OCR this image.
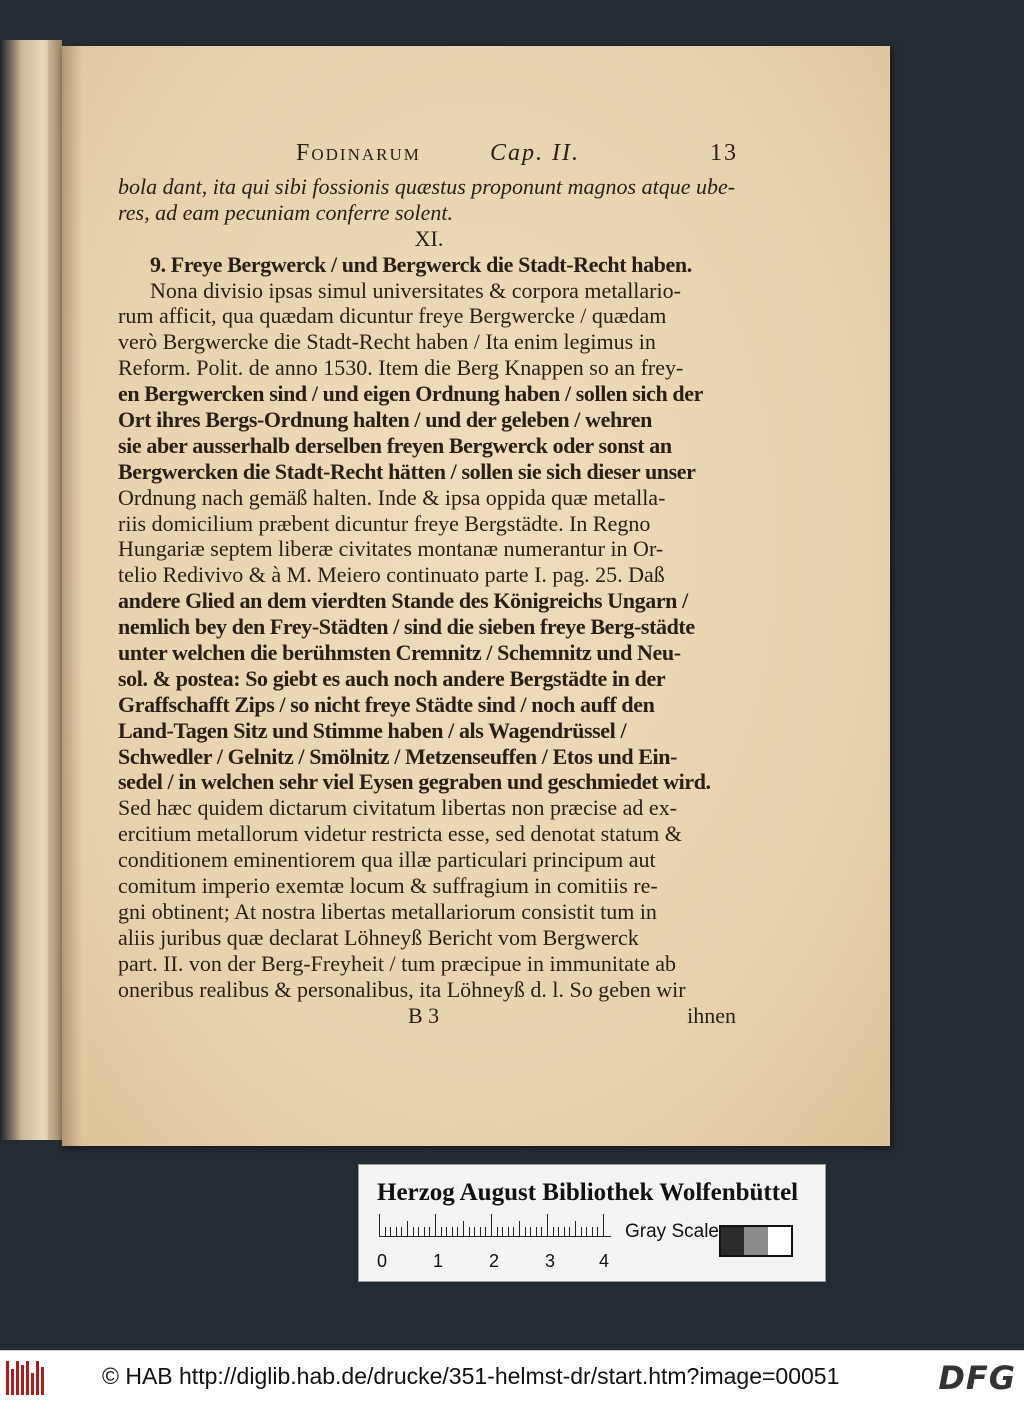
Fodinarum	Cap. II.	13
bola dant, ita qui sibi fossionis quæstus proponunt magnos atque ube-
res, ad eam pecuniam conferre solent.
XI.
9. Freye Bergwerck / und Bergwerck die Stadt-Recht haben.
Nona divisio ipsas simul universitates & corpora metallario-
rum afficit, qua quædam dicuntur freye Bergwercke / quædam
verò Bergwercke die Stadt-Recht haben / Ita enim legimus in
Reform. Polit. de anno 1530. Item die Berg Knappen so an frey-
en Bergwercken sind / und eigen Ordnung haben / sollen sich der
Ort ihres Bergs-Ordnung halten / und der geleben / wehren
sie aber ausserhalb derselben freyen Bergwerck oder sonst an
Bergwercken die Stadt-Recht hätten / sollen sie sich dieser unser
Ordnung nach gemäß halten. Inde & ipsa oppida quæ metalla-
riis domicilium præbent dicuntur freye Bergstädte. In Regno
Hungariæ septem liberæ civitates montanæ numerantur in Or-
telio Redivivo & à M. Meiero continuato parte I. pag. 25. Daß
andere Glied an dem vierdten Stande des Königreichs Ungarn /
nemlich bey den Frey-Städten / sind die sieben freye Berg-städte
unter welchen die berühmsten Cremnitz / Schemnitz und Neu-
sol. & postea: So giebt es auch noch andere Bergstädte in der
Graffschafft Zips / so nicht freye Städte sind / noch auff den
Land-Tagen Sitz und Stimme haben / als Wagendrüssel /
Schwedler / Gelnitz / Smölnitz / Metzenseuffen / Etos und Ein-
sedel / in welchen sehr viel Eysen gegraben und geschmiedet wird.
Sed hæc quidem dictarum civitatum libertas non præcise ad ex-
ercitium metallorum videtur restricta esse, sed denotat statum &
conditionem eminentiorem qua illæ particulari principum aut
comitum imperio exemtæ locum & suffragium in comitiis re-
gni obtinent; At nostra libertas metallariorum consistit tum in
aliis juribus quæ declarat Löhneyß Bericht vom Bergwerck
part. II. von der Berg-Freyheit / tum præcipue in immunitate ab
oneribus realibus & personalibus, ita Löhneyß d. l. So geben wir
B 3	ihnen
Herzog August Bibliothek Wolfenbüttel
0	1	2	3 4
Gray Scale
© HAB http://diglib.hab.de/drucke/351-helmst-dr/start.htm?image=00051	DFG
